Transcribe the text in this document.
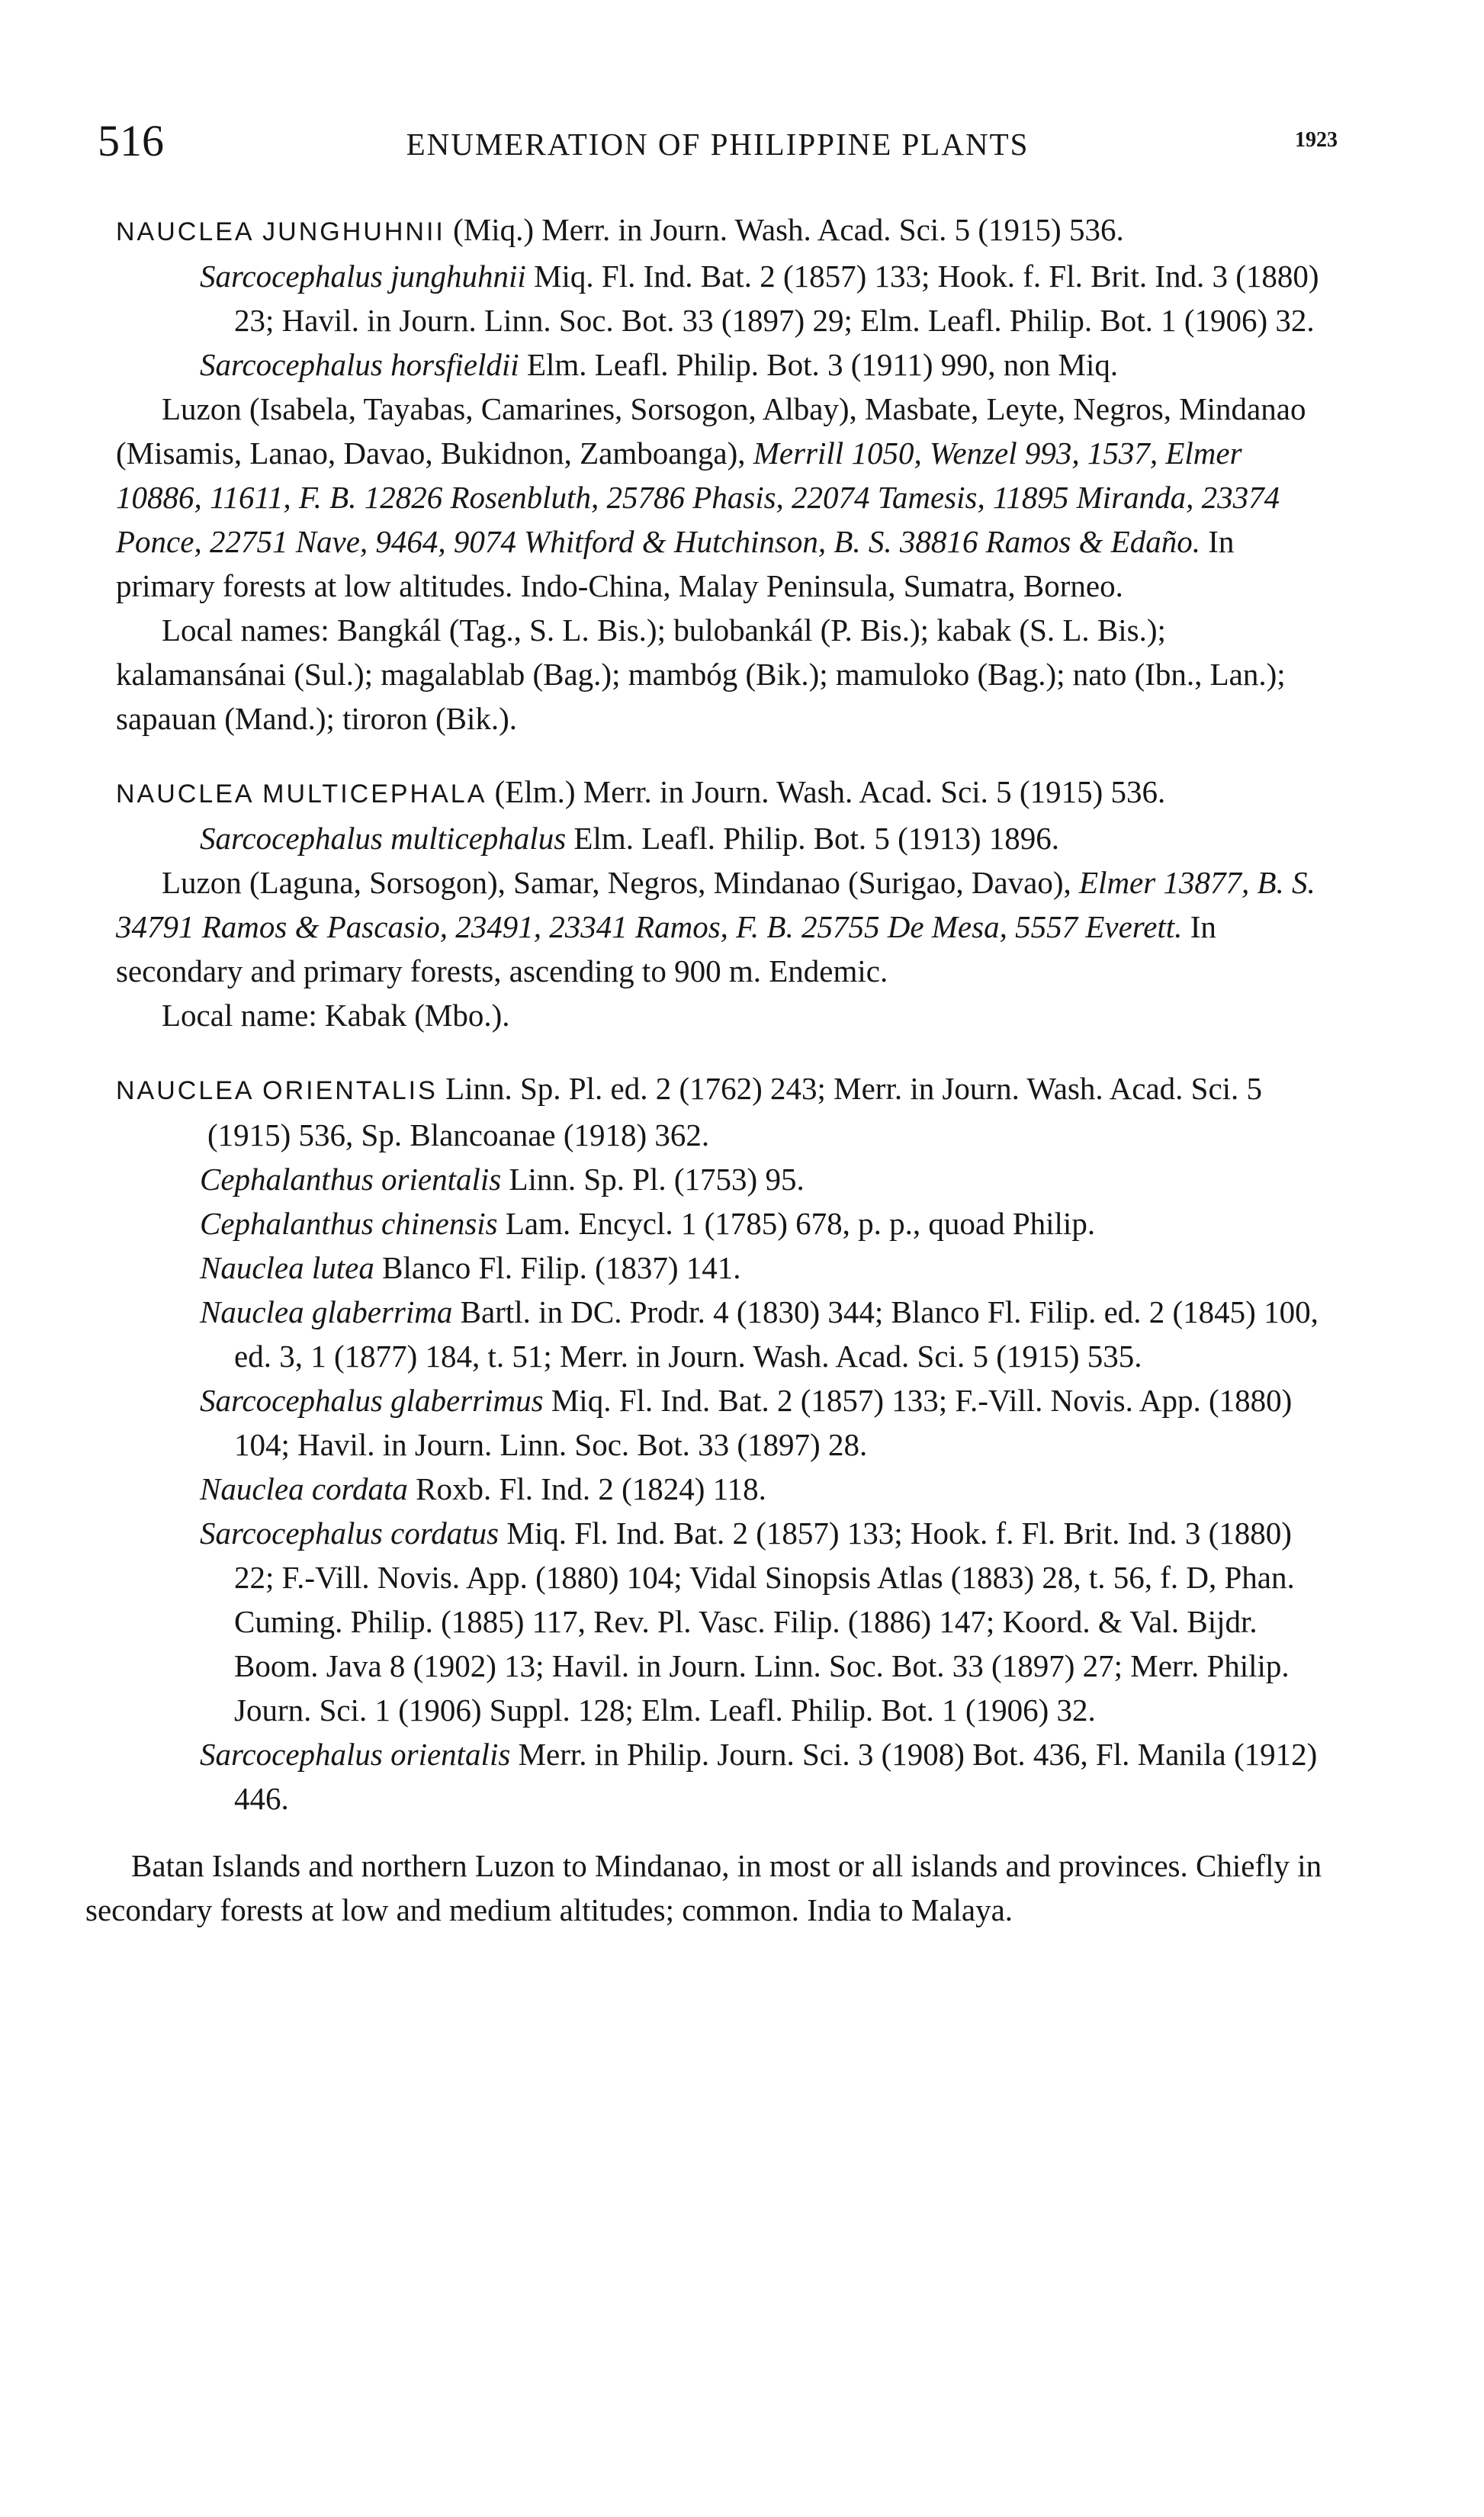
516	ENUMERATION OF PHILIPPINE PLANTS	1923

NAUCLEA JUNGHUHNII (Miq.) Merr. in Journ. Wash. Acad. Sci. 5 (1915) 536.

Sarcocephalus junghuhnii Miq. Fl. Ind. Bat. 2 (1857) 133; Hook. f. Fl. Brit. Ind. 3 (1880) 23; Havil. in Journ. Linn. Soc. Bot. 33 (1897) 29; Elm. Leafl. Philip. Bot. 1 (1906) 32.

Sarcocephalus horsfieldii Elm. Leafl. Philip. Bot. 3 (1911) 990, non Miq.

Luzon (Isabela, Tayabas, Camarines, Sorsogon, Albay), Masbate, Leyte, Negros, Mindanao (Misamis, Lanao, Davao, Bukidnon, Zamboanga), Merrill 1050, Wenzel 993, 1537, Elmer 10886, 11611, F. B. 12826 Rosenbluth, 25786 Phasis, 22074 Tamesis, 11895 Miranda, 23374 Ponce, 22751 Nave, 9464, 9074 Whitford & Hutchinson, B. S. 38816 Ramos & Edaño. In primary forests at low altitudes. Indo-China, Malay Peninsula, Sumatra, Borneo.

Local names: Bangkál (Tag., S. L. Bis.); bulobankál (P. Bis.); kabak (S. L. Bis.); kalamansánai (Sul.); magalablab (Bag.); mambóg (Bik.); mamuloko (Bag.); nato (Ibn., Lan.); sapauan (Mand.); tiroron (Bik.).

NAUCLEA MULTICEPHALA (Elm.) Merr. in Journ. Wash. Acad. Sci. 5 (1915) 536.

Sarcocephalus multicephalus Elm. Leafl. Philip. Bot. 5 (1913) 1896.

Luzon (Laguna, Sorsogon), Samar, Negros, Mindanao (Surigao, Davao), Elmer 13877, B. S. 34791 Ramos & Pascasio, 23491, 23341 Ramos, F. B. 25755 De Mesa, 5557 Everett. In secondary and primary forests, ascending to 900 m. Endemic.

Local name: Kabak (Mbo.).

NAUCLEA ORIENTALIS Linn. Sp. Pl. ed. 2 (1762) 243; Merr. in Journ. Wash. Acad. Sci. 5 (1915) 536, Sp. Blancoanae (1918) 362.

Cephalanthus orientalis Linn. Sp. Pl. (1753) 95.

Cephalanthus chinensis Lam. Encycl. 1 (1785) 678, p. p., quoad Philip.

Nauclea lutea Blanco Fl. Filip. (1837) 141.

Nauclea glaberrima Bartl. in DC. Prodr. 4 (1830) 344; Blanco Fl. Filip. ed. 2 (1845) 100, ed. 3, 1 (1877) 184, t. 51; Merr. in Journ. Wash. Acad. Sci. 5 (1915) 535.

Sarcocephalus glaberrimus Miq. Fl. Ind. Bat. 2 (1857) 133; F.-Vill. Novis. App. (1880) 104; Havil. in Journ. Linn. Soc. Bot. 33 (1897) 28.

Nauclea cordata Roxb. Fl. Ind. 2 (1824) 118.

Sarcocephalus cordatus Miq. Fl. Ind. Bat. 2 (1857) 133; Hook. f. Fl. Brit. Ind. 3 (1880) 22; F.-Vill. Novis. App. (1880) 104; Vidal Sinopsis Atlas (1883) 28, t. 56, f. D, Phan. Cuming. Philip. (1885) 117, Rev. Pl. Vasc. Filip. (1886) 147; Koord. & Val. Bijdr. Boom. Java 8 (1902) 13; Havil. in Journ. Linn. Soc. Bot. 33 (1897) 27; Merr. Philip. Journ. Sci. 1 (1906) Suppl. 128; Elm. Leafl. Philip. Bot. 1 (1906) 32.

Sarcocephalus orientalis Merr. in Philip. Journ. Sci. 3 (1908) Bot. 436, Fl. Manila (1912) 446.

Batan Islands and northern Luzon to Mindanao, in most or all islands and provinces. Chiefly in secondary forests at low and medium altitudes; common. India to Malaya.
